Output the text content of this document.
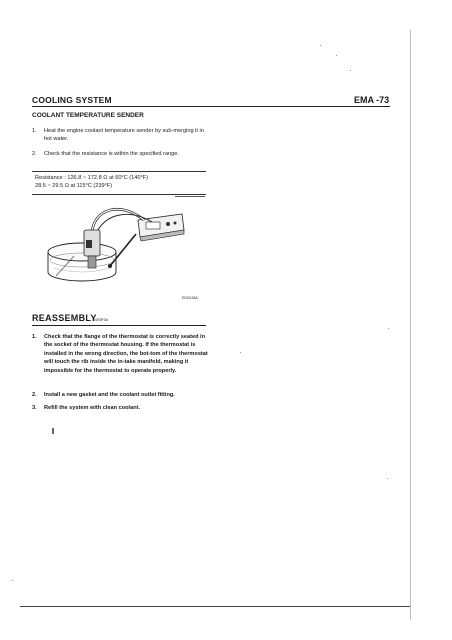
COOLING SYSTEM	EMA -73
COOLANT TEMPERATURE SENDER
1. Heat the engine coolant temperature sender by sub-merging it in hot water.
2. Check that the resistance is within the specified range.
Resistance : 126.8 ~ 172.8 Ω at 60°C (140°F)
28.5 ~ 29.5 Ω at 115°C (239°F)
EDK015A
REASSEMBLY
E0E5F0A
1. Check that the flange of the thermostat is correctly seated in the socket of the thermostat housing. If the thermostat is installed in the wrong direction, the bot-tom of the thermostat will touch the rib inside the in-take manifold, making it impossible for the thermostat to operate properly.
2. Install a new gasket and the coolant outlet fitting.
3. Refill the system with clean coolant.
